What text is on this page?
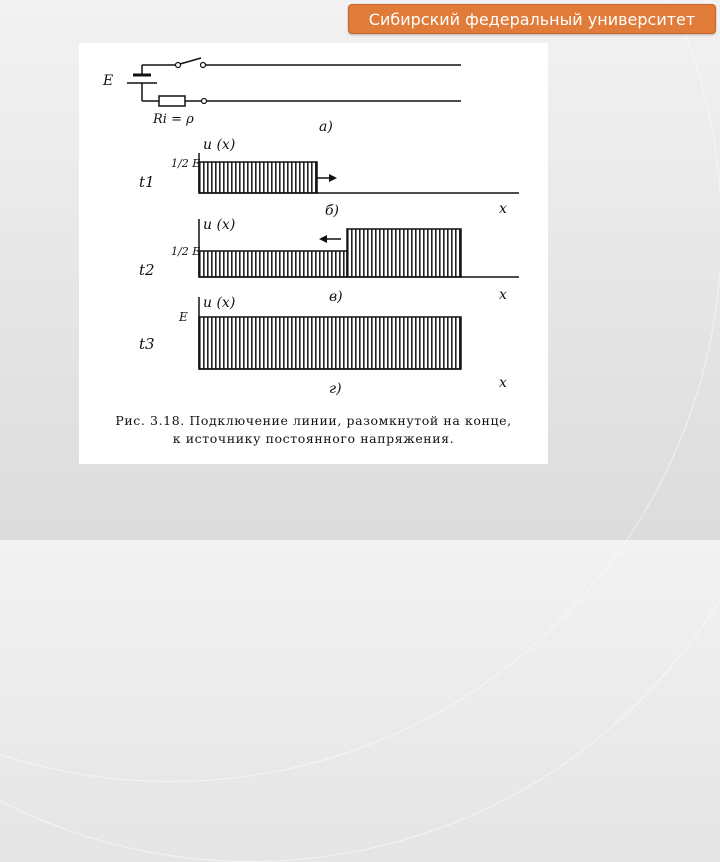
Сибирский федеральный университет
E
Ri = ρ	а)
u (x)
1/2 E
t1
x
б)
u (x)
1/2 E
t2
x
в)
u (x)
E
t3
x
г)
Рис. 3.18. Подключение линии, разомкнутой на конце,
к источнику постоянного напряжения.
